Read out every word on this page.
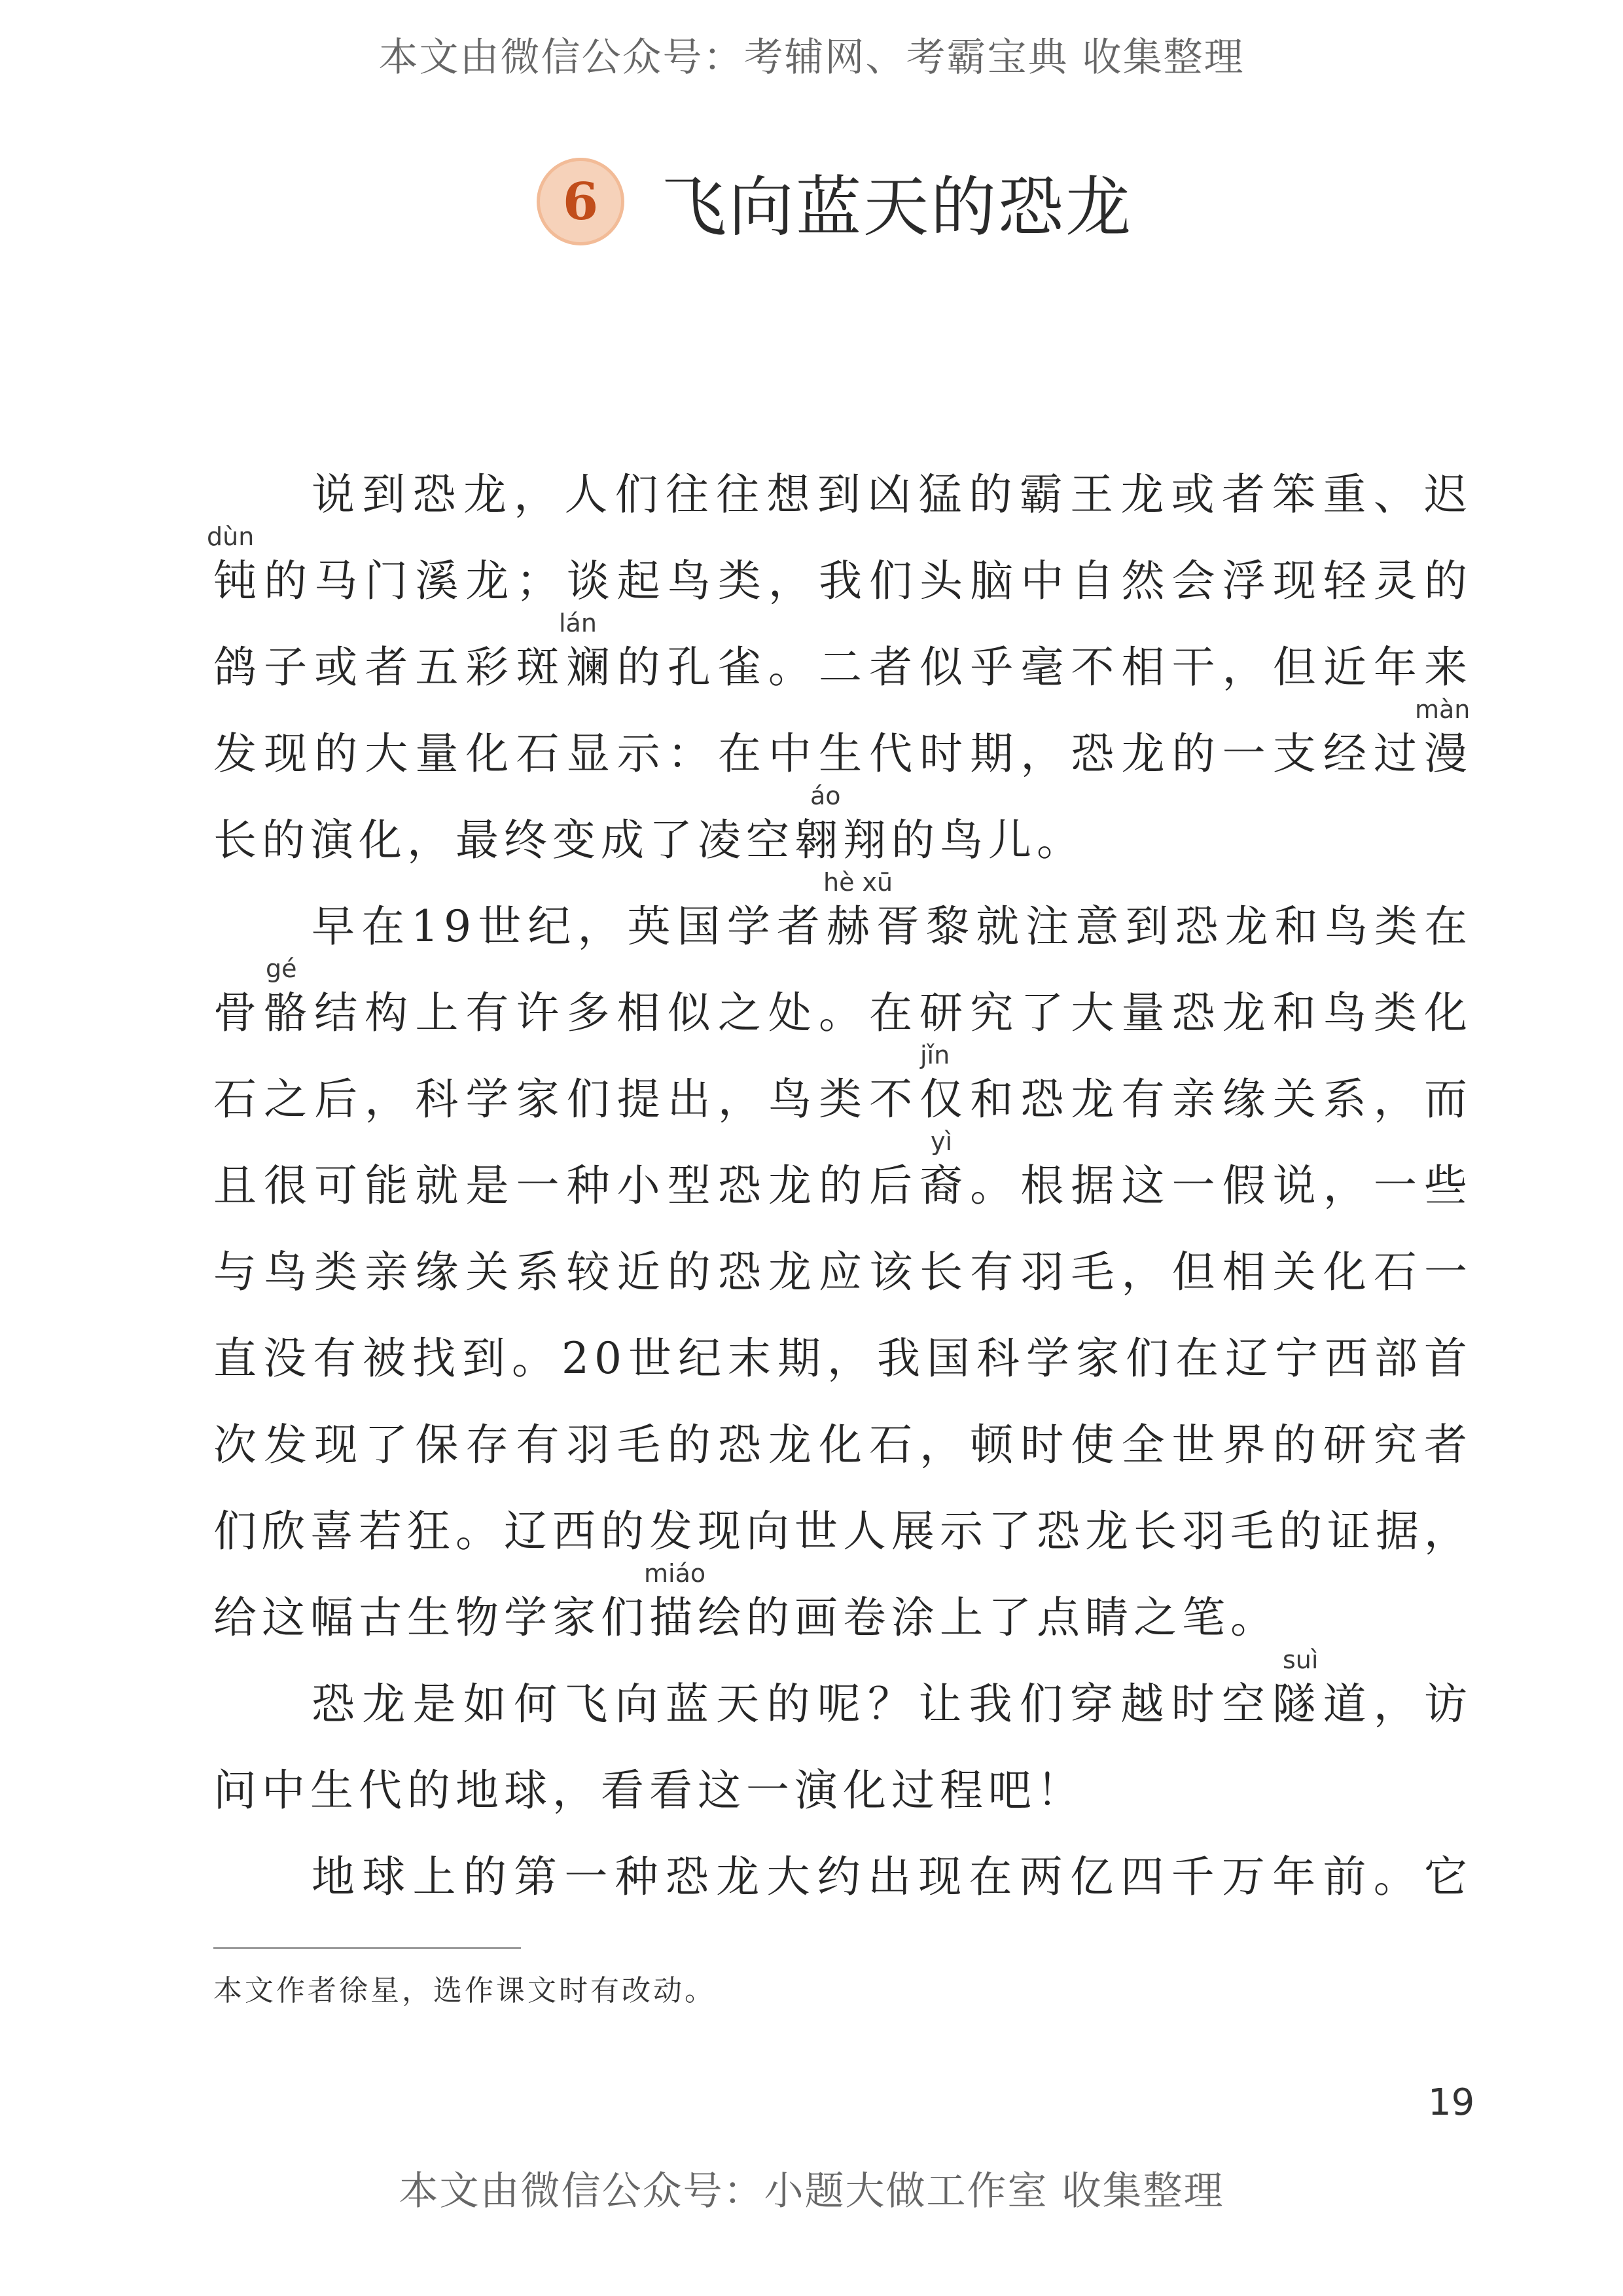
本文由微信公众号：考辅网、考霸宝典 收集整理
6 飞向蓝天的恐龙
说到恐龙，人们往往想到凶猛的霸王龙或者笨重、迟
dùn
钝的马门溪龙；谈起鸟类，我们头脑中自然会浮现轻灵的
lán
鸽子或者五彩斑斓的孔雀。二者似乎毫不相干，但近年来
màn
发现的大量化石显示：在中生代时期，恐龙的一支经过漫
áo
长的演化，最终变成了凌空翱翔的鸟儿。
hè xū
早在19世纪，英国学者赫胥黎就注意到恐龙和鸟类在
gé
骨骼结构上有许多相似之处。在研究了大量恐龙和鸟类化
jǐn
石之后，科学家们提出，鸟类不仅和恐龙有亲缘关系，而
yì
且很可能就是一种小型恐龙的后裔。根据这一假说，一些
与鸟类亲缘关系较近的恐龙应该长有羽毛，但相关化石一
直没有被找到。20世纪末期，我国科学家们在辽宁西部首
次发现了保存有羽毛的恐龙化石，顿时使全世界的研究者
们欣喜若狂。辽西的发现向世人展示了恐龙长羽毛的证据，
miáo
给这幅古生物学家们描绘的画卷涂上了点睛之笔。
suì
恐龙是如何飞向蓝天的呢？让我们穿越时空隧道，访
问中生代的地球，看看这一演化过程吧！
地球上的第一种恐龙大约出现在两亿四千万年前。它
本文作者徐星，选作课文时有改动。
19
本文由微信公众号：小题大做工作室 收集整理
